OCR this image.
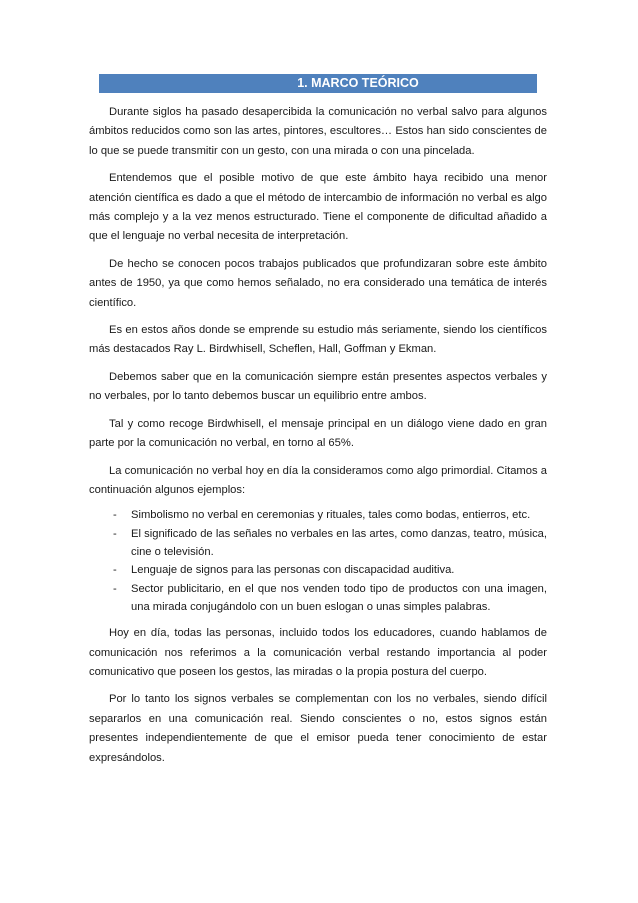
1. MARCO TEÓRICO

Durante siglos ha pasado desapercibida la comunicación no verbal salvo para algunos ámbitos reducidos como son las artes, pintores, escultores… Estos han sido conscientes de lo que se puede transmitir con un gesto, con una mirada o con una pincelada.

Entendemos que el posible motivo de que este ámbito haya recibido una menor atención científica es dado a que el método de intercambio de información no verbal es algo más complejo y a la vez menos estructurado. Tiene el componente de dificultad añadido a que el lenguaje no verbal necesita de interpretación.

De hecho se conocen pocos trabajos publicados que profundizaran sobre este ámbito antes de 1950, ya que como hemos señalado, no era considerado una temática de interés científico.

Es en estos años donde se emprende su estudio más seriamente, siendo los científicos más destacados Ray L. Birdwhisell, Scheflen, Hall, Goffman y Ekman.

Debemos saber que en la comunicación siempre están presentes aspectos verbales y no verbales, por lo tanto debemos buscar un equilibrio entre ambos.

Tal y como recoge Birdwhisell, el mensaje principal en un diálogo viene dado en gran parte por la comunicación no verbal, en torno al 65%.

La comunicación no verbal hoy en día la consideramos como algo primordial. Citamos a continuación algunos ejemplos:

- Simbolismo no verbal en ceremonias y rituales, tales como bodas, entierros, etc.
- El significado de las señales no verbales en las artes, como danzas, teatro, música, cine o televisión.
- Lenguaje de signos para las personas con discapacidad auditiva.
- Sector publicitario, en el que nos venden todo tipo de productos con una imagen, una mirada conjugándolo con un buen eslogan o unas simples palabras.

Hoy en día, todas las personas, incluido todos los educadores, cuando hablamos de comunicación nos referimos a la comunicación verbal restando importancia al poder comunicativo que poseen los gestos, las miradas o la propia postura del cuerpo.

Por lo tanto los signos verbales se complementan con los no verbales, siendo difícil separarlos en una comunicación real. Siendo conscientes o no, estos signos están presentes independientemente de que el emisor pueda tener conocimiento de estar expresándolos.
